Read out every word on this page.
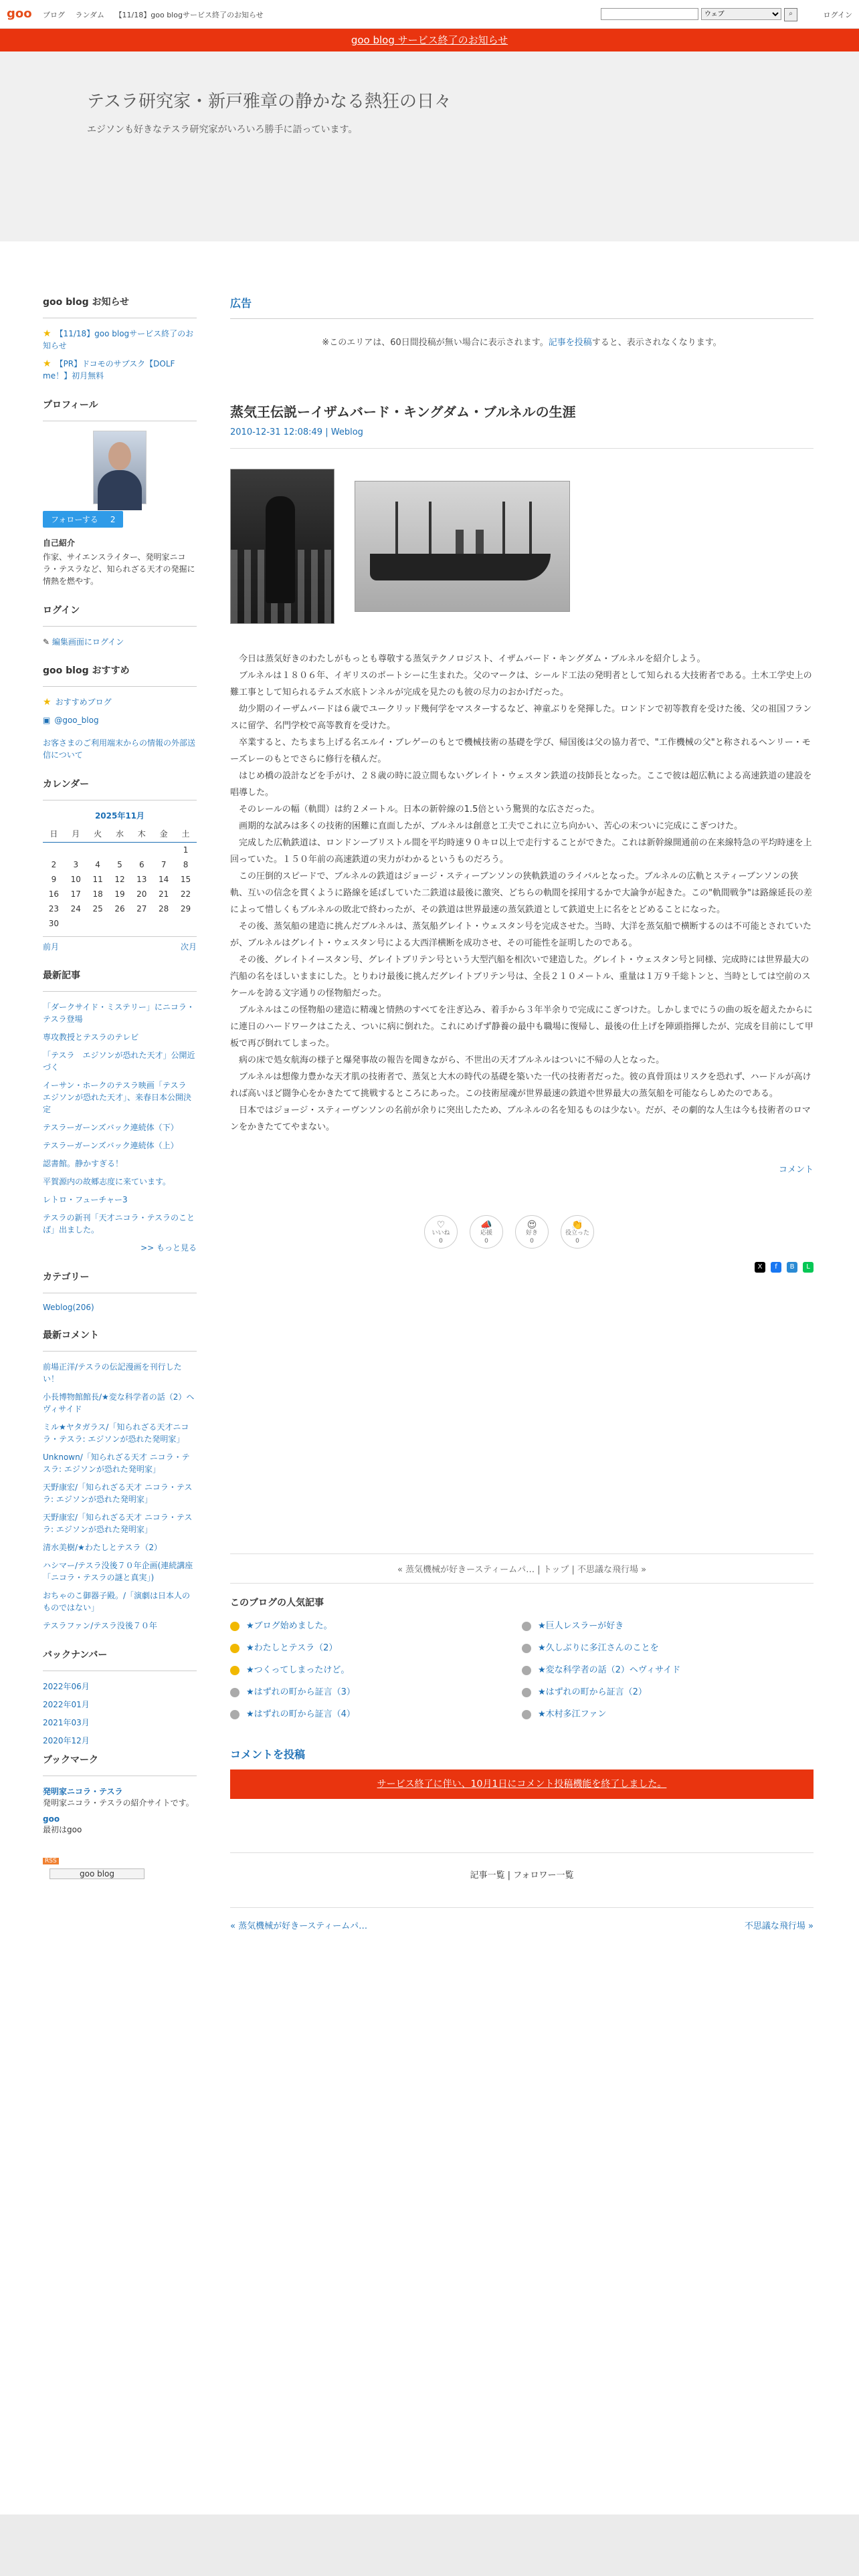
goo ブログ ランダム 【11/18】goo blogサービス終了のお知らせ
ウェブ	⌕	ログイン
goo blog サービス終了のお知らせ
テスラ研究家・新戸雅章の静かなる熱狂の日々
エジソンも好きなテスラ研究家がいろいろ勝手に語っています。
goo blog お知らせ
★ 【11/18】goo blogサービス終了のお知らせ
★ 【PR】ドコモのサブスク【DOLF me！】初月無料
プロフィール
フォローする 2
自己紹介
作家、サイエンスライター、発明家ニコラ・テスラなど、知られざる天才の発掘に情熱を燃やす。
ログイン
✎ 編集画面にログイン
goo blog おすすめ
★ おすすめブログ
▣ @goo_blog
お客さまのご利用端末からの情報の外部送信について
カレンダー
2025年11月
日	月	火	水	木	金	土
						1
2	3	4	5	6	7	8
9	10	11	12	13	14	15
16	17	18	19	20	21	22
23	24	25	26	27	28	29
30						
前月	次月
最新記事
「ダークサイド・ミステリー」にニコラ・テスラ登場
専攻教授とテスラのテレビ
「テスラ　エジソンが恐れた天才」公開近づく
イーサン・ホークのテスラ映画「テスラ　エジソンが恐れた天才」、来春日本公開決定
テスラーガーンズバック連続体（下）
テスラーガーンズバック連続体（上）
認書館。静かすぎる！
平賀源内の故郷志度に来ています。
レトロ・フューチャー3
テスラの新刊「天才ニコラ・テスラのことば」出ました。
>> もっと見る
カテゴリー
Weblog(206)
最新コメント
前場正洋/テスラの伝記漫画を刊行したい！
小長博物館館長/★変な科学者の話（2）ヘヴィサイド
ミル★ヤタガラス/「知られざる天才ニコラ・テスラ: エジソンが恐れた発明家」
Unknown/「知られざる天才 ニコラ・テスラ: エジソンが恐れた発明家」
天野康宏/「知られざる天才 ニコラ・テスラ: エジソンが恐れた発明家」
天野康宏/「知られざる天才 ニコラ・テスラ: エジソンが恐れた発明家」
清水美樹/★わたしとテスラ（2）
ハシマー/テスラ没後７０年企画(連続講座「ニコラ・テスラの謎と真実」)
おちゃのこ御器子殿。/「演劇は日本人のものではない」
テスラファン/テスラ没後７０年
バックナンバー
2022年06月
2022年01月
2021年03月
2020年12月
ブックマーク
発明家ニコラ・テスラ
発明家ニコラ・テスラの紹介サイトです。
goo
最初はgoo
RSS
goo blog
広告
※このエリアは、60日間投稿が無い場合に表示されます。記事を投稿すると、表示されなくなります。
蒸気王伝説ーイザムバード・キングダム・ブルネルの生涯
2010-12-31 12:08:49 | Weblog

　今日は蒸気好きのわたしがもっとも尊敬する蒸気テクノロジスト、イザムバード・キングダム・ブルネルを紹介しよう。

　ブルネルは１８０６年、イギリスのポートシーに生まれた。父のマークは、シールド工法の発明者として知られる大技術者である。土木工学史上の難工事として知られるテムズ水底トンネルが完成を見たのも彼の尽力のおかげだった。

　幼少期のイーザムバードは６歳でユークリッド幾何学をマスターするなど、神童ぶりを発揮した。ロンドンで初等教育を受けた後、父の祖国フランスに留学、名門学校で高等教育を受けた。

　卒業すると、たちまち上げる名エルイ・ブレゲーのもとで機械技術の基礎を学び、帰国後は父の協力者で、"工作機械の父"と称されるヘンリー・モーズレーのもとでさらに修行を積んだ。

　はじめ橋の設計などを手がけ、２８歳の時に設立間もないグレイト・ウェスタン鉄道の技師長となった。ここで彼は超広軌による高速鉄道の建設を唱導した。

　そのレールの幅（軌間）は約２メートル。日本の新幹線の1.5倍という驚異的な広さだった。

　画期的な試みは多くの技術的困難に直面したが、ブルネルは創意と工夫でこれに立ち向かい、苦心の末ついに完成にこぎつけた。

　完成した広軌鉄道は、ロンドンーブリストル間を平均時速９０キロ以上で走行することができた。これは新幹線開通前の在来線特急の平均時速を上回っていた。１５０年前の高速鉄道の実力がわかるというものだろう。

　この圧倒的スピードで、ブルネルの鉄道はジョージ・スティーブンソンの狭軌鉄道のライバルとなった。ブルネルの広軌とスティーブンソンの狭軌、互いの信念を貫くように路線を延ばしていた二鉄道は最後に激突、どちらの軌間を採用するかで大論争が起きた。この"軌間戦争"は路線延長の差によって惜しくもブルネルの敗北で終わったが、その鉄道は世界最速の蒸気鉄道として鉄道史上に名をとどめることになった。

　その後、蒸気船の建造に挑んだブルネルは、蒸気船グレイト・ウェスタン号を完成させた。当時、大洋を蒸気船で横断するのは不可能とされていたが、ブルネルはグレイト・ウェスタン号による大西洋横断を成功させ、その可能性を証明したのである。

　その後、グレイトイースタン号、グレイトブリテン号という大型汽船を相次いで建造した。グレイト・ウェスタン号と同様、完成時には世界最大の汽船の名をほしいままにした。とりわけ最後に挑んだグレイトブリテン号は、全長２１０メートル、重量は１万９千総トンと、当時としては空前のスケールを誇る文字通りの怪物船だった。

　ブルネルはこの怪物船の建造に精魂と情熱のすべてを注ぎ込み、着手から３年半余りで完成にこぎつけた。しかしまでにうの曲の坂を超えたからにに連日のハードワークはこたえ、ついに病に倒れた。これにめげず静養の最中も職場に復帰し、最後の仕上げを陣頭指揮したが、完成を目前にして甲板で再び倒れてしまった。

　病の床で処女航海の様子と爆発事故の報告を聞きながら、不世出の天才ブルネルはついに不帰の人となった。

　ブルネルは想像力豊かな天才肌の技術者で、蒸気と大木の時代の基礎を築いた一代の技術者だった。彼の真骨頂はリスクを恐れず、ハードルが高ければ高いほど闘争心をかきたてて挑戦するところにあった。この技術屋魂が世界最速の鉄道や世界最大の蒸気船を可能ならしめたのである。

　日本ではジョージ・スティーヴンソンの名前が余りに突出したため、ブルネルの名を知るものは少ない。だが、その劇的な人生は今も技術者のロマンをかきたててやまない。

コメント
♡
いいね
0
📣
応援
0
😍
好き
0
👏
役立った
0
X	f	B	L
« 蒸気機械が好きースティームパ… | トップ | 不思議な飛行場 »
このブログの人気記事
★ブログ始めました。	★巨人レスラーが好き
★わたしとテスラ（2）	★久しぶりに多江さんのことを
★つくってしまったけど。	★変な科学者の話（2）ヘヴィサイド
★はずれの町から証言（3）	★はずれの町から証言（2）
★はずれの町から証言（4）	★木村多江ファン
コメントを投稿
サービス終了に伴い、10月1日にコメント投稿機能を終了しました。
記事一覧 | フォロワー一覧
« 蒸気機械が好きースティームパ…	不思議な飛行場 »
